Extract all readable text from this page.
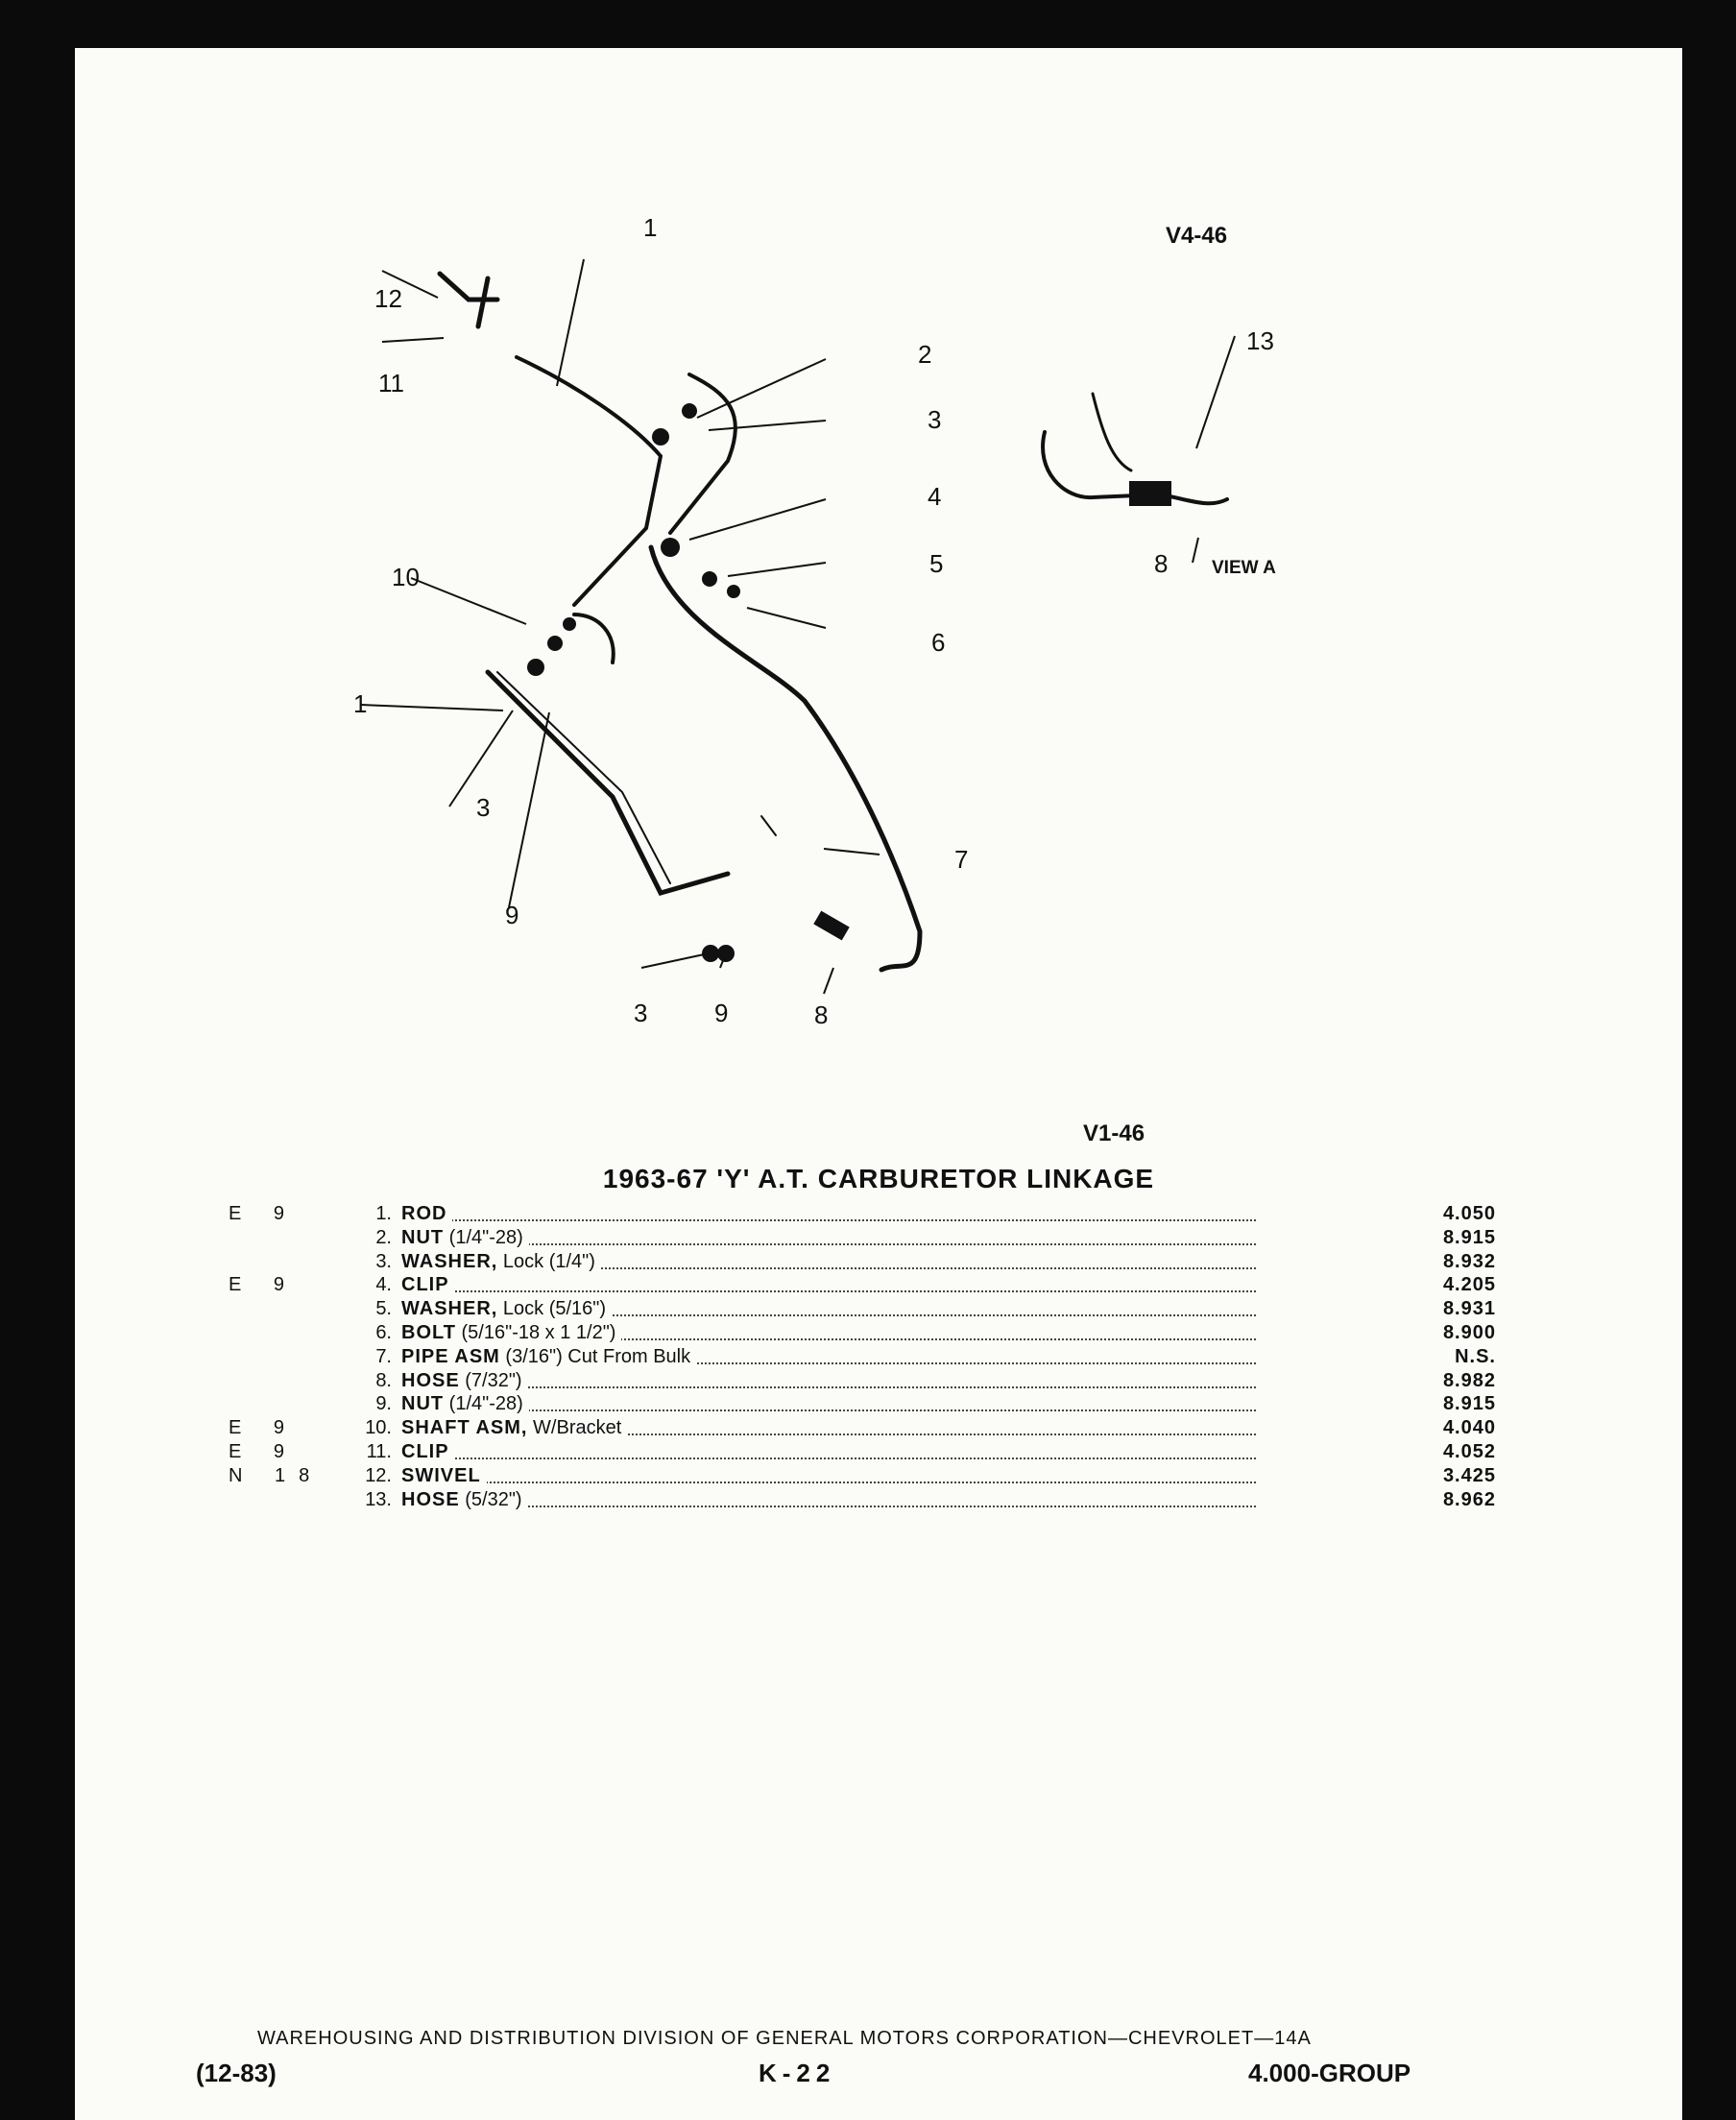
V4-46
V1-46
VIEW A
1
12
11
2
3
4
10	5
6
1
3
7
9
3	9	8
13
8
1963-67 'Y' A.T. CARBURETOR LINKAGE
E 9	1. ROD	4.050
2. NUT (1/4"-28)	8.915
3. WASHER, Lock (1/4")	8.932
E 9	4. CLIP	4.205
5. WASHER, Lock (5/16")	8.931
6. BOLT (5/16"-18 x 1 1/2")	8.900
7. PIPE ASM (3/16") Cut From Bulk	N.S.
8. HOSE (7/32")	8.982
9. NUT (1/4"-28)	8.915
E 9	10. SHAFT ASM, W/Bracket	4.040
E 9	11. CLIP	4.052
N 18	12. SWIVEL	3.425
13. HOSE (5/32")	8.962
WAREHOUSING AND DISTRIBUTION DIVISION OF GENERAL MOTORS CORPORATION—CHEVROLET—14A
(12-83)	K-22	4.000-GROUP
